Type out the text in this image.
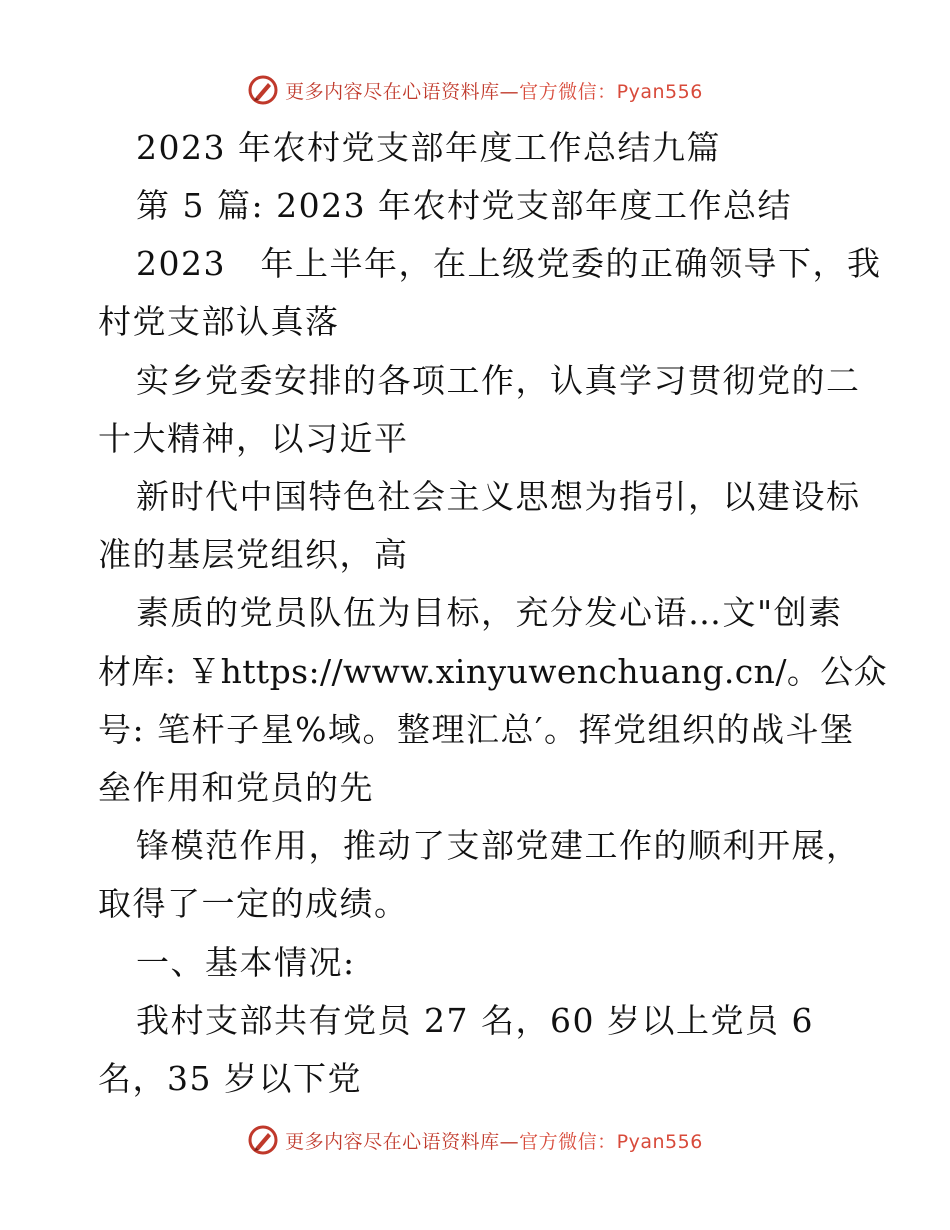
更多内容尽在心语资料库—官方微信：Pyan556
2023 年农村党支部年度工作总结九篇
第 5 篇: 2023 年农村党支部年度工作总结
2023　年上半年，在上级党委的正确领导下，我
村党支部认真落
实乡党委安排的各项工作，认真学习贯彻党的二
十大精神，以习近平
新时代中国特色社会主义思想为指引，以建设标
准的基层党组织，高
素质的党员队伍为目标，充分发心语…文"创素
材库: ￥https://www.xinyuwenchuang.cn/。公众
号: 笔杆子星%域。整理汇总′。挥党组织的战斗堡
垒作用和党员的先
锋模范作用，推动了支部党建工作的顺利开展，
取得了一定的成绩。
一、基本情况:
我村支部共有党员 27 名，60 岁以上党员 6
名，35 岁以下党
更多内容尽在心语资料库—官方微信：Pyan556
